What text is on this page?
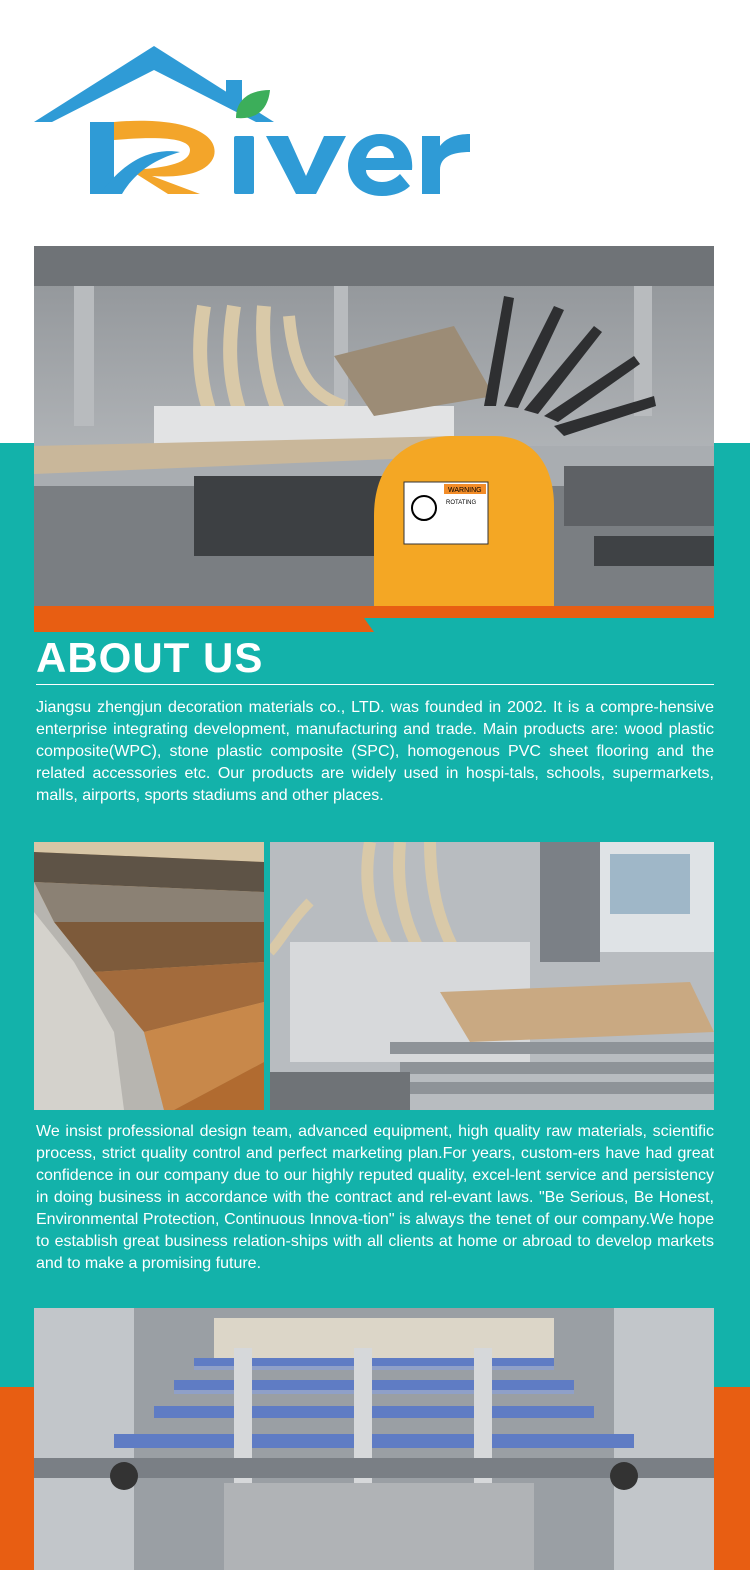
WARNING
ROTATING
ABOUT US

Jiangsu zhengjun decoration materials co., LTD. was founded in 2002. It is a compre-hensive enterprise integrating development, manufacturing and trade. Main products are: wood plastic composite(WPC), stone plastic composite (SPC), homogenous PVC sheet flooring and the related accessories etc. Our products are widely used in hospi-tals, schools, supermarkets, malls, airports, sports stadiums and other places.

We insist professional design team, advanced equipment, high quality raw materials, scientific process, strict quality control and perfect marketing plan.For years, custom-ers have had great confidence in our company due to our highly reputed quality, excel-lent service and persistency in doing business in accordance with the contract and rel-evant laws. "Be Serious, Be Honest, Environmental Protection, Continuous Innova-tion" is always the tenet of our company.We hope to establish great business relation-ships with all clients at home or abroad to develop markets and to make a promising future.
